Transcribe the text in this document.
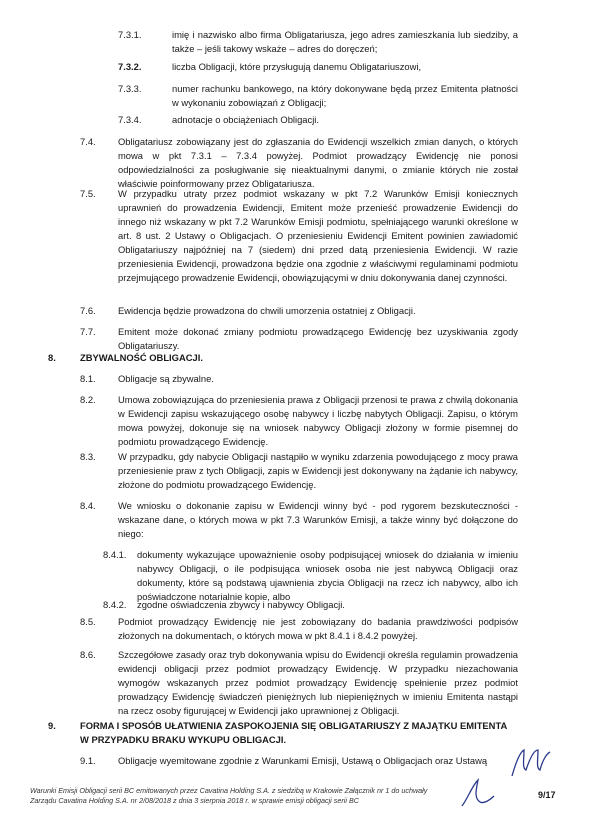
7.3.1.	imię i nazwisko albo firma Obligatariusza, jego adres zamieszkania lub siedziby, a także – jeśli takowy wskaże – adres do doręczeń;
7.3.2.	liczba Obligacji, które przysługują danemu Obligatariuszowi,
7.3.3.	numer rachunku bankowego, na który dokonywane będą przez Emitenta płatności w wykonaniu zobowiązań z Obligacji;
7.3.4.	adnotacje o obciążeniach Obligacji.
7.4. Obligatariusz zobowiązany jest do zgłaszania do Ewidencji wszelkich zmian danych, o których mowa w pkt 7.3.1 – 7.3.4 powyżej. Podmiot prowadzący Ewidencję nie ponosi odpowiedzialności za posługiwanie się nieaktualnymi danymi, o zmianie których nie został właściwie poinformowany przez Obligatariusza.
7.5. W przypadku utraty przez podmiot wskazany w pkt 7.2 Warunków Emisji koniecznych uprawnień do prowadzenia Ewidencji, Emitent może przenieść prowadzenie Ewidencji do innego niż wskazany w pkt 7.2 Warunków Emisji podmiotu, spełniającego warunki określone w art. 8 ust. 2 Ustawy o Obligacjach. O przeniesieniu Ewidencji Emitent powinien zawiadomić Obligatariuszy najpóźniej na 7 (siedem) dni przed datą przeniesienia Ewidencji. W razie przeniesienia Ewidencji, prowadzona będzie ona zgodnie z właściwymi regulaminami podmiotu przejmującego prowadzenie Ewidencji, obowiązującymi w dniu dokonywania danej czynności.
7.6. Ewidencja będzie prowadzona do chwili umorzenia ostatniej z Obligacji.
7.7. Emitent może dokonać zmiany podmiotu prowadzącego Ewidencję bez uzyskiwania zgody Obligatariuszy.
8.	ZBYWALNOŚĆ OBLIGACJI.
8.1. Obligacje są zbywalne.
8.2. Umowa zobowiązująca do przeniesienia prawa z Obligacji przenosi te prawa z chwilą dokonania w Ewidencji zapisu wskazującego osobę nabywcy i liczbę nabytych Obligacji. Zapisu, o którym mowa powyżej, dokonuje się na wniosek nabywcy Obligacji złożony w formie pisemnej do podmiotu prowadzącego Ewidencję.
8.3. W przypadku, gdy nabycie Obligacji nastąpiło w wyniku zdarzenia powodującego z mocy prawa przeniesienie praw z tych Obligacji, zapis w Ewidencji jest dokonywany na żądanie ich nabywcy, złożone do podmiotu prowadzącego Ewidencję.
8.4. We wniosku o dokonanie zapisu w Ewidencji winny być - pod rygorem bezskuteczności - wskazane dane, o których mowa w pkt 7.3 Warunków Emisji, a także winny być dołączone do niego:
8.4.1. dokumenty wykazujące upoważnienie osoby podpisującej wniosek do działania w imieniu nabywcy Obligacji, o ile podpisująca wniosek osoba nie jest nabywcą Obligacji oraz dokumenty, które są podstawą ujawnienia zbycia Obligacji na rzecz ich nabywcy, albo ich poświadczone notarialnie kopie, albo
8.4.2. zgodne oświadczenia zbywcy i nabywcy Obligacji.
8.5. Podmiot prowadzący Ewidencję nie jest zobowiązany do badania prawdziwości podpisów złożonych na dokumentach, o których mowa w pkt 8.4.1 i 8.4.2 powyżej.
Warunki Emisji Obligacji serii BC emitowanych przez Cavatina Holding S.A. z siedzibą w Krakowie Załącznik nr 1 do uchwały Zarządu Cavatina Holding S.A. nr 2/08/2018 z dnia 3 sierpnia 2018 r. w sprawie emisji obligacji serii BC
9/17
8.6. Szczegółowe zasady oraz tryb dokonywania wpisu do Ewidencji określa regulamin prowadzenia ewidencji obligacji przez podmiot prowadzący Ewidencję. W przypadku niezachowania wymogów wskazanych przez podmiot prowadzący Ewidencję spełnienie przez podmiot prowadzący Ewidencję świadczeń pieniężnych lub niepieniężnych w imieniu Emitenta nastąpi na rzecz osoby figurującej w Ewidencji jako uprawnionej z Obligacji.
9.	FORMA I SPOSÓB UŁATWIENIA ZASPOKOJENIA SIĘ OBLIGATARIUSZY Z MAJĄTKU EMITENTA W PRZYPADKU BRAKU WYKUPU OBLIGACJI.
9.1. Obligacje wyemitowane zgodnie z Warunkami Emisji, Ustawą o Obligacjach oraz Ustawą
